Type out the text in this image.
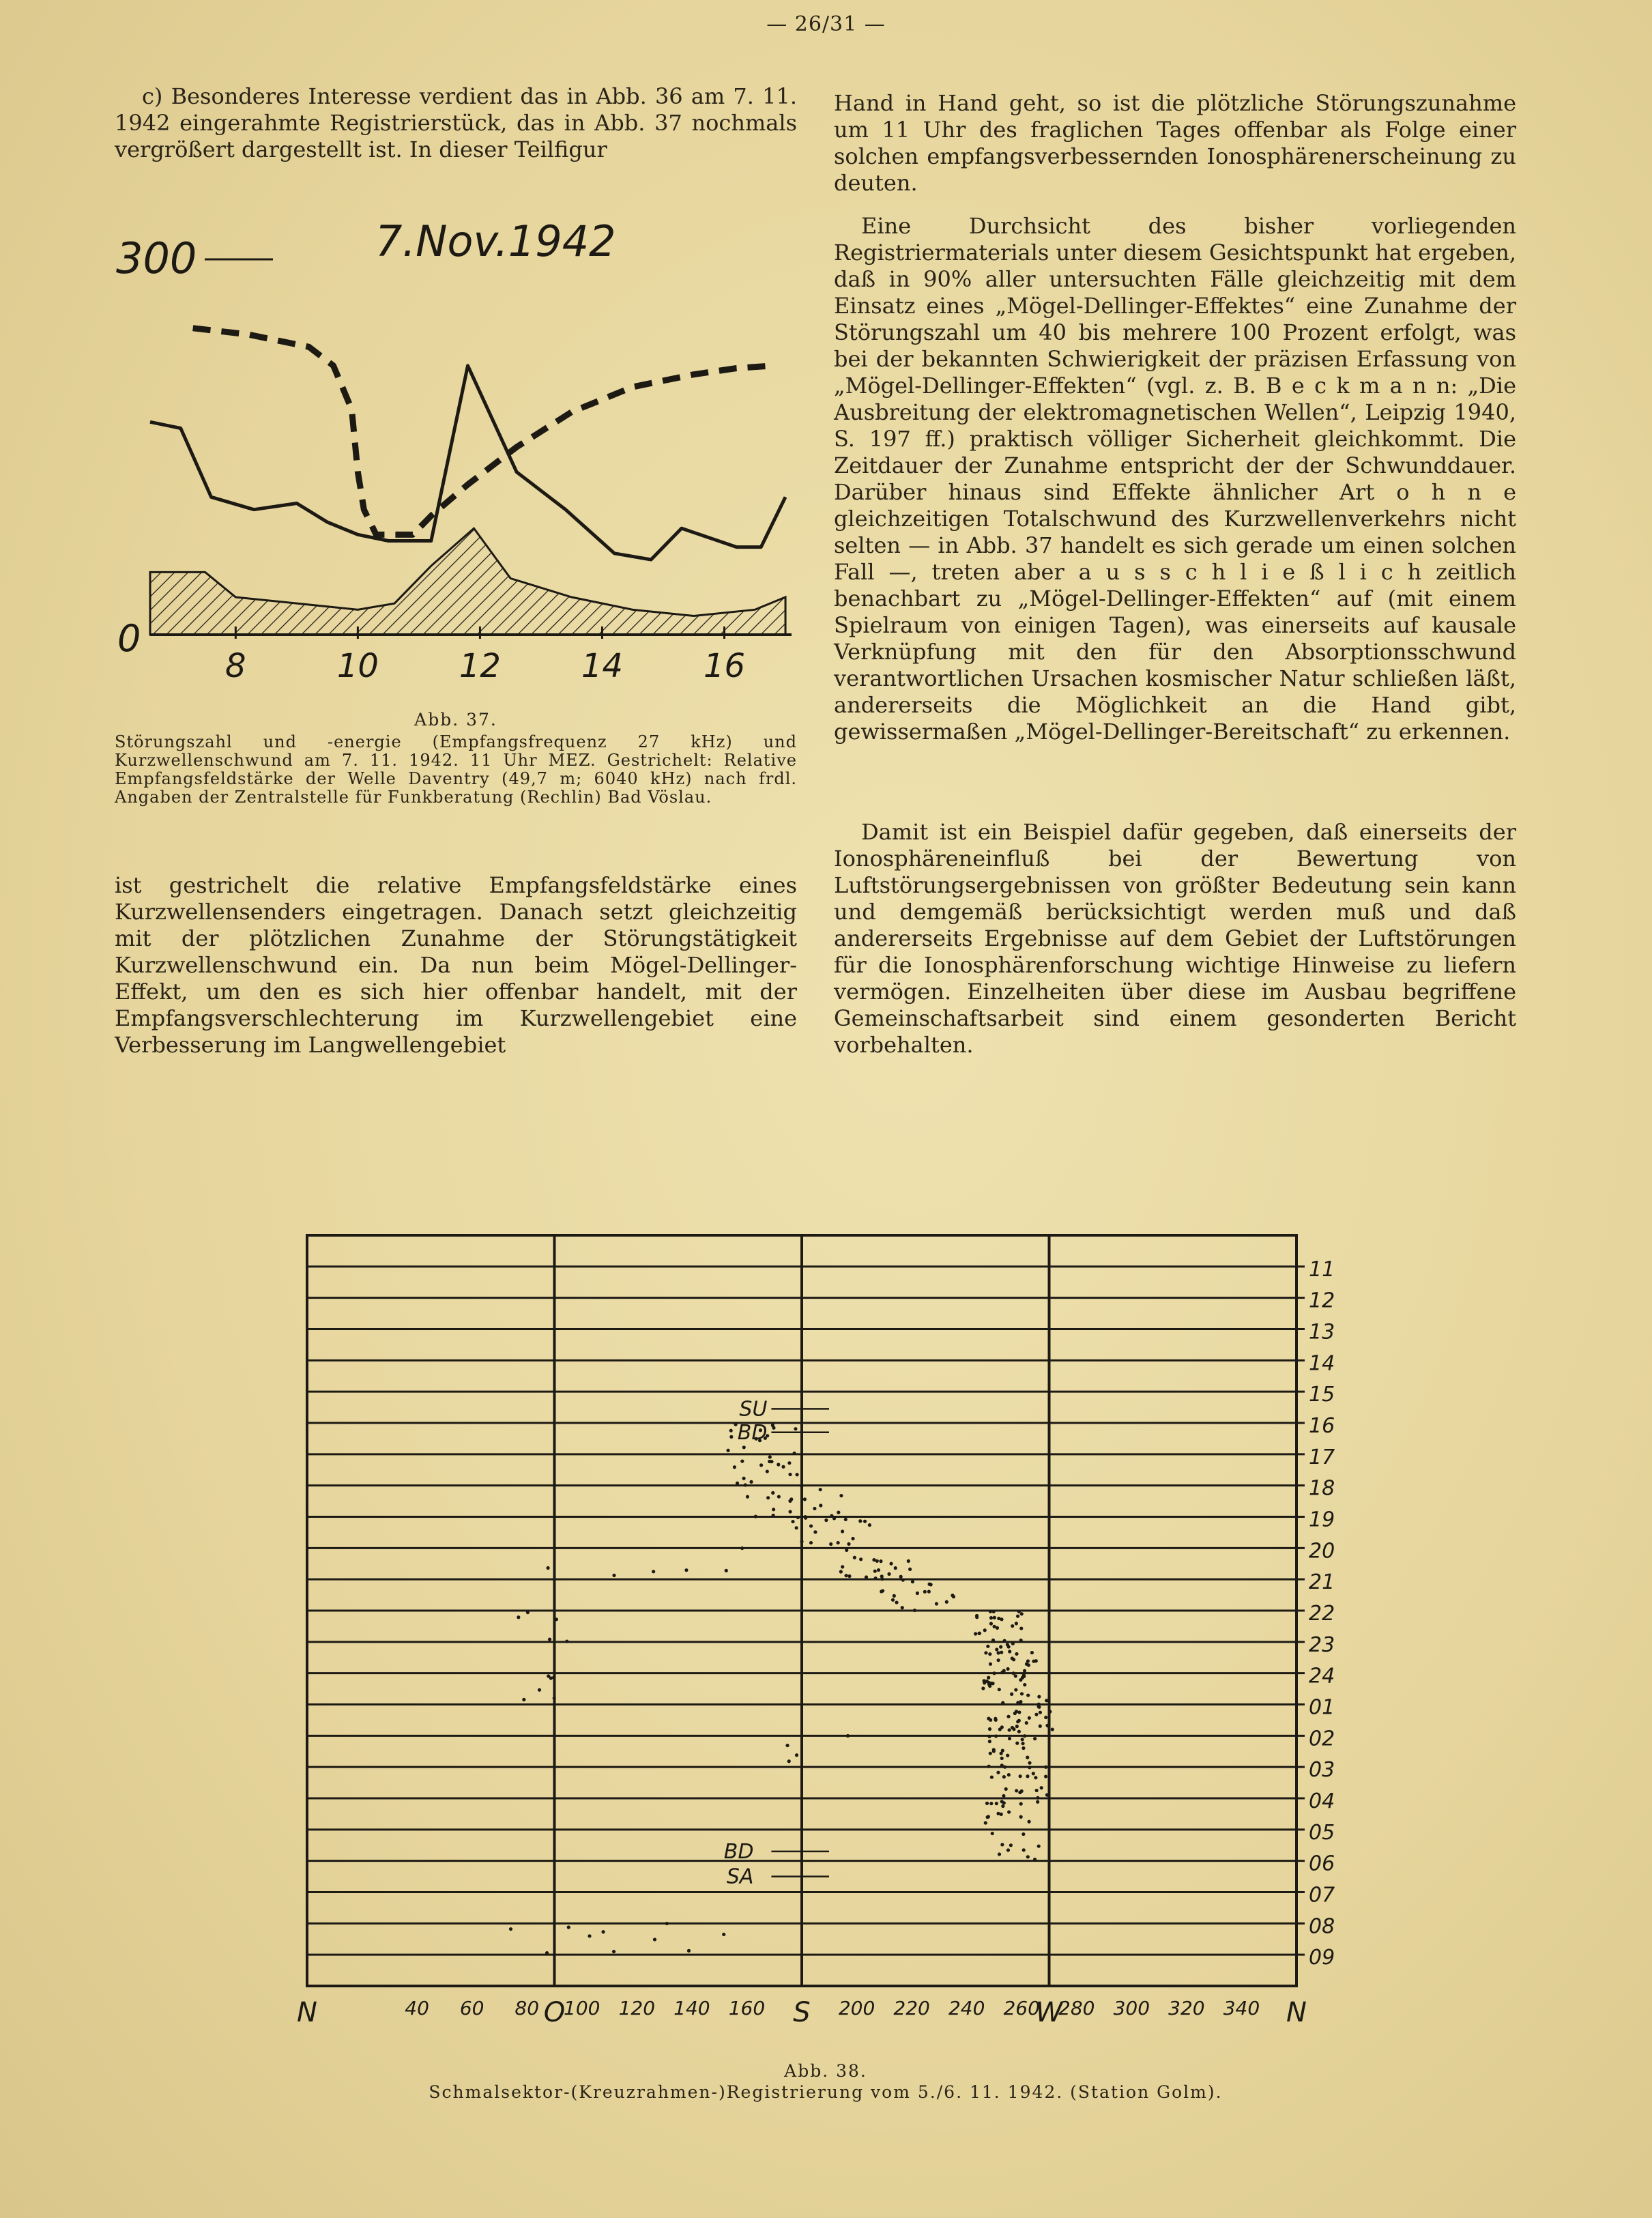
— 26/31 —

c) Besonderes Interesse verdient das in Abb. 36 am 7. 11. 1942 eingerahmte Registrierstück, das in Abb. 37 nochmals vergrößert dargestellt ist. In dieser Teilfigur

7.Nov.1942
300
0
8	10 12 14 16
Abb. 37.

Störungszahl und -energie (Empfangsfrequenz 27 kHz) und Kurzwellenschwund am 7. 11. 1942. 11 Uhr MEZ. Gestrichelt: Relative Empfangsfeldstärke der Welle Daventry (49,7 m; 6040 kHz) nach frdl. Angaben der Zentralstelle für Funkberatung (Rechlin) Bad Vöslau.

ist gestrichelt die relative Empfangsfeldstärke eines Kurzwellensenders eingetragen. Danach setzt gleichzeitig mit der plötzlichen Zunahme der Störungstätigkeit Kurzwellenschwund ein. Da nun beim Mögel-Dellinger-Effekt, um den es sich hier offenbar handelt, mit der Empfangsverschlechterung im Kurzwellengebiet eine Verbesserung im Langwellengebiet

Hand in Hand geht, so ist die plötzliche Störungszunahme um 11 Uhr des fraglichen Tages offenbar als Folge einer solchen empfangsverbessernden Ionosphärenerscheinung zu deuten.

Eine Durchsicht des bisher vorliegenden Registriermaterials unter diesem Gesichtspunkt hat ergeben, daß in 90% aller untersuchten Fälle gleichzeitig mit dem Einsatz eines „Mögel-Dellinger-Effektes“ eine Zunahme der Störungszahl um 40 bis mehrere 100 Prozent erfolgt, was bei der bekannten Schwierigkeit der präzisen Erfassung von „Mögel-Dellinger-Effekten“ (vgl. z. B. B e c k m a n n: „Die Ausbreitung der elektromagnetischen Wellen“, Leipzig 1940, S. 197 ff.) praktisch völliger Sicherheit gleichkommt. Die Zeitdauer der Zunahme entspricht der der Schwunddauer. Darüber hinaus sind Effekte ähnlicher Art o h n e gleichzeitigen Totalschwund des Kurzwellenverkehrs nicht selten — in Abb. 37 handelt es sich gerade um einen solchen Fall —, treten aber a u s s c h l i e ß l i c h zeitlich benachbart zu „Mögel-Dellinger-Effekten“ auf (mit einem Spielraum von einigen Tagen), was einerseits auf kausale Verknüpfung mit den für den Absorptionsschwund verantwortlichen Ursachen kosmischer Natur schließen läßt, andererseits die Möglichkeit an die Hand gibt, gewissermaßen „Mögel-Dellinger-Bereitschaft“ zu erkennen.

Damit ist ein Beispiel dafür gegeben, daß einerseits der Ionosphäreneinfluß bei der Bewertung von Luftstörungsergebnissen von größter Bedeutung sein kann und demgemäß berücksichtigt werden muß und daß andererseits Ergebnisse auf dem Gebiet der Luftstörungen für die Ionosphärenforschung wichtige Hinweise zu liefern vermögen. Einzelheiten über diese im Ausbau begriffene Gemeinschaftsarbeit sind einem gesonderten Bericht vorbehalten.

SU
BD
BD
SA
11
12
13
14
15
16
17
18
19
20
21
22
23
24
01
02
03
04
05
06
07
08
09
N	40 60 80 O
100 120 140 160 S 200 220 240 260
W
280 300 320 340 N
Abb. 38.
Schmalsektor-(Kreuzrahmen-)Registrierung vom 5./6. 11. 1942. (Station Golm).
